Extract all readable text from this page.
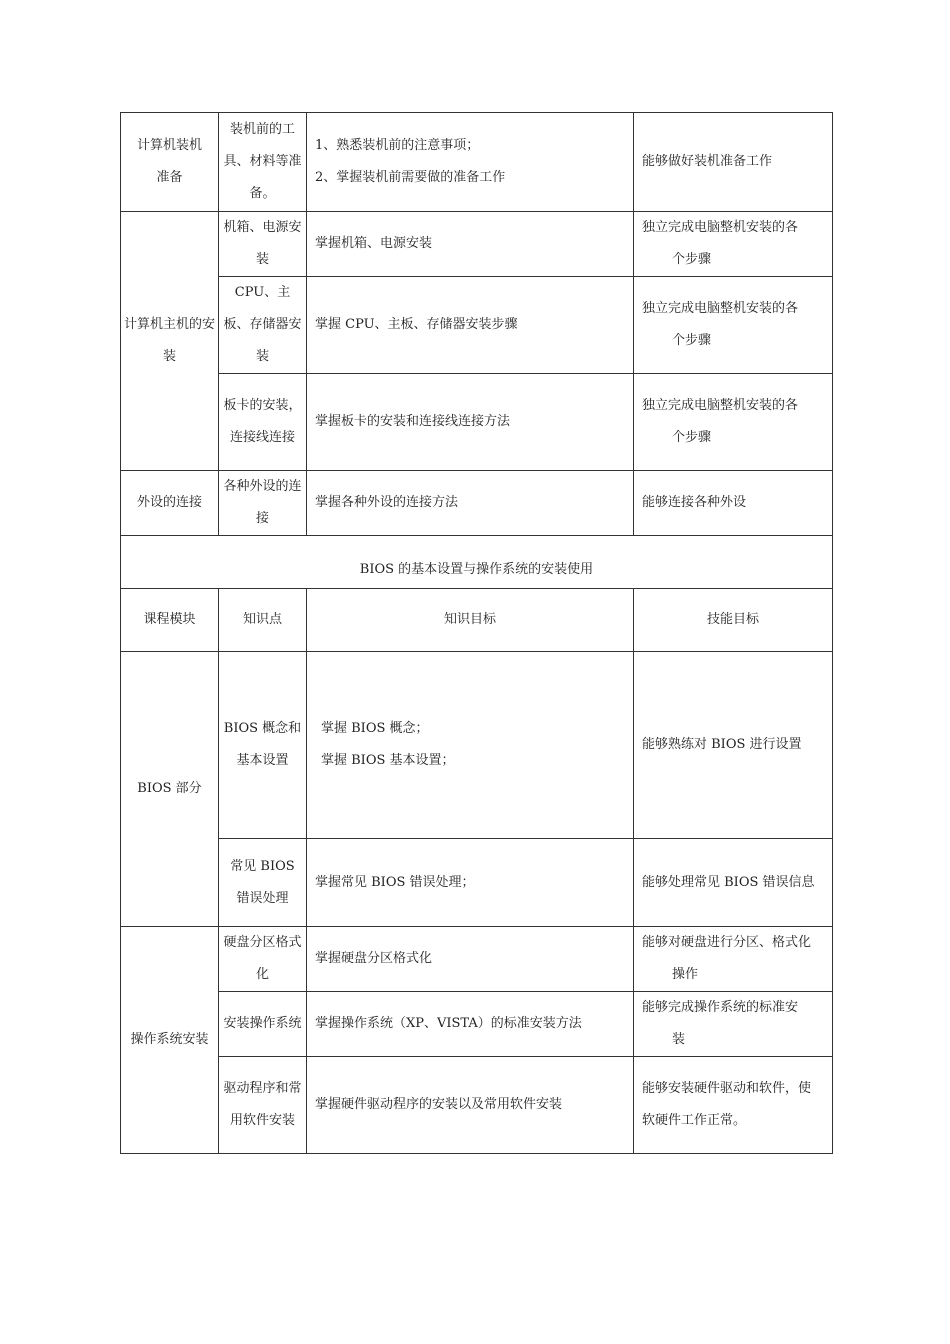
计算机装机准备	装机前的工具、材料等准备。	1、熟悉装机前的注意事项；
2、掌握装机前需要做的准备工作	能够做好装机准备工作
计算机主机的安装	机箱、电源安装	掌握机箱、电源安装	独立完成电脑整机安装的各
个步骤

	CPU、主板、存储器安装	掌握 CPU、主板、存储器安装步骤	独立完成电脑整机安装的各
个步骤

	板卡的安装，连接线连接	掌握板卡的安装和连接线连接方法	独立完成电脑整机安装的各
个步骤

外设的连接	各种外设的连接	掌握各种外设的连接方法	能够连接各种外设
BIOS 的基本设置与操作系统的安装使用			
课程模块	知识点	知识目标	技能目标
BIOS 部分	BIOS 概念和基本设置	掌握 BIOS 概念；
掌握 BIOS 基本设置；	能够熟练对 BIOS 进行设置
	常见 BIOS 错误处理	掌握常见 BIOS 错误处理；	能够处理常见 BIOS 错误信息
操作系统安装	硬盘分区格式化	掌握硬盘分区格式化	能够对硬盘进行分区、格式化
操作

	安装操作系统	掌握操作系统（XP、VISTA）的标准安装方法	能够完成操作系统的标准安
装

	驱动程序和常用软件安装	掌握硬件驱动程序的安装以及常用软件安装	能够安装硬件驱动和软件，使
软硬件工作正常。
